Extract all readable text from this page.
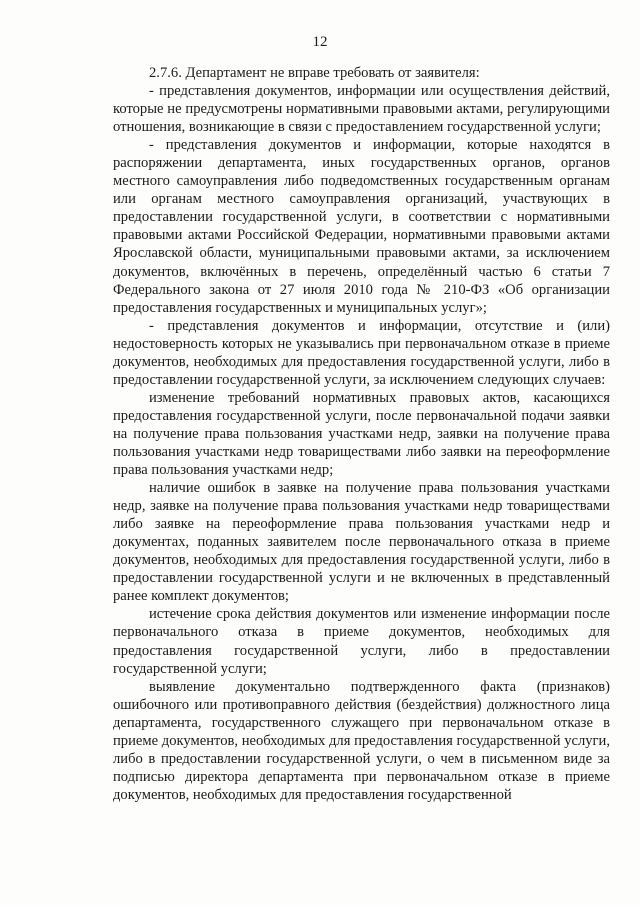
12

2.7.6. Департамент не вправе требовать от заявителя:

- представления документов, информации или осуществления действий, которые не предусмотрены нормативными правовыми актами, регулирующими отношения, возникающие в связи с предоставлением государственной услуги;

- представления документов и информации, которые находятся в распоряжении департамента, иных государственных органов, органов местного самоуправления либо подведомственных государственным органам или органам местного самоуправления организаций, участвующих в предоставлении государственной услуги, в соответствии с нормативными правовыми актами Российской Федерации, нормативными правовыми актами Ярославской области, муниципальными правовыми актами, за исключением документов, включённых в перечень, определённый частью 6 статьи 7 Федерального закона от 27 июля 2010 года № 210-ФЗ «Об организации предоставления государственных и муниципальных услуг»;

- представления документов и информации, отсутствие и (или) недостоверность которых не указывались при первоначальном отказе в приеме документов, необходимых для предоставления государственной услуги, либо в предоставлении государственной услуги, за исключением следующих случаев:

изменение требований нормативных правовых актов, касающихся предоставления государственной услуги, после первоначальной подачи заявки на получение права пользования участками недр, заявки на получение права пользования участками недр товариществами либо заявки на переоформление права пользования участками недр;

наличие ошибок в заявке на получение права пользования участками недр, заявке на получение права пользования участками недр товариществами либо заявке на переоформление права пользования участками недр и документах, поданных заявителем после первоначального отказа в приеме документов, необходимых для предоставления государственной услуги, либо в предоставлении государственной услуги и не включенных в представленный ранее комплект документов;

истечение срока действия документов или изменение информации после первоначального отказа в приеме документов, необходимых для предоставления государственной услуги, либо в предоставлении государственной услуги;

выявление документально подтвержденного факта (признаков) ошибочного или противоправного действия (бездействия) должностного лица департамента, государственного служащего при первоначальном отказе в приеме документов, необходимых для предоставления государственной услуги, либо в предоставлении государственной услуги, о чем в письменном виде за подписью директора департамента при первоначальном отказе в приеме документов, необходимых для предоставления государственной
